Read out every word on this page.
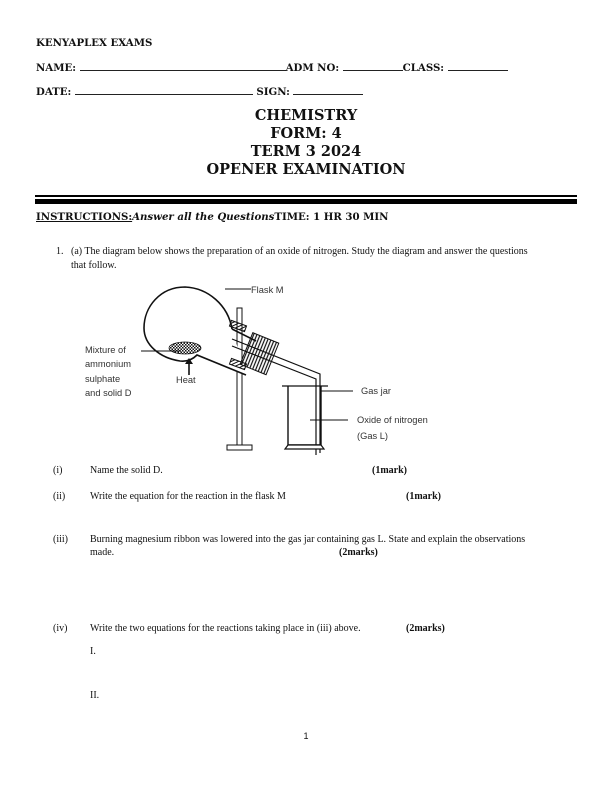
KENYAPLEX EXAMS
NAME:	ADM NO:	CLASS:
DATE:	SIGN:
CHEMISTRY
FORM: 4
TERM 3 2024
OPENER EXAMINATION
INSTRUCTIONS:Answer all the QuestionsTIME: 1 HR 30 MIN
1. (a) The diagram below shows the preparation of an oxide of nitrogen. Study the diagram and answer the questions
that follow.
Flask M
Mixture of
ammonium
sulphate
and solid D
Heat
Gas jar
Oxide of nitrogen
(Gas L)
(i)	Name the solid D.	(1mark)
(ii) Write the equation for the reaction in the flask M	(1mark)
(iii) Burning magnesium ribbon was lowered into the gas jar containing gas L. State and explain the observations
made.	(2marks)
(iv) Write the two equations for the reactions taking place in (iii) above.	(2marks)
I.
II.
1
